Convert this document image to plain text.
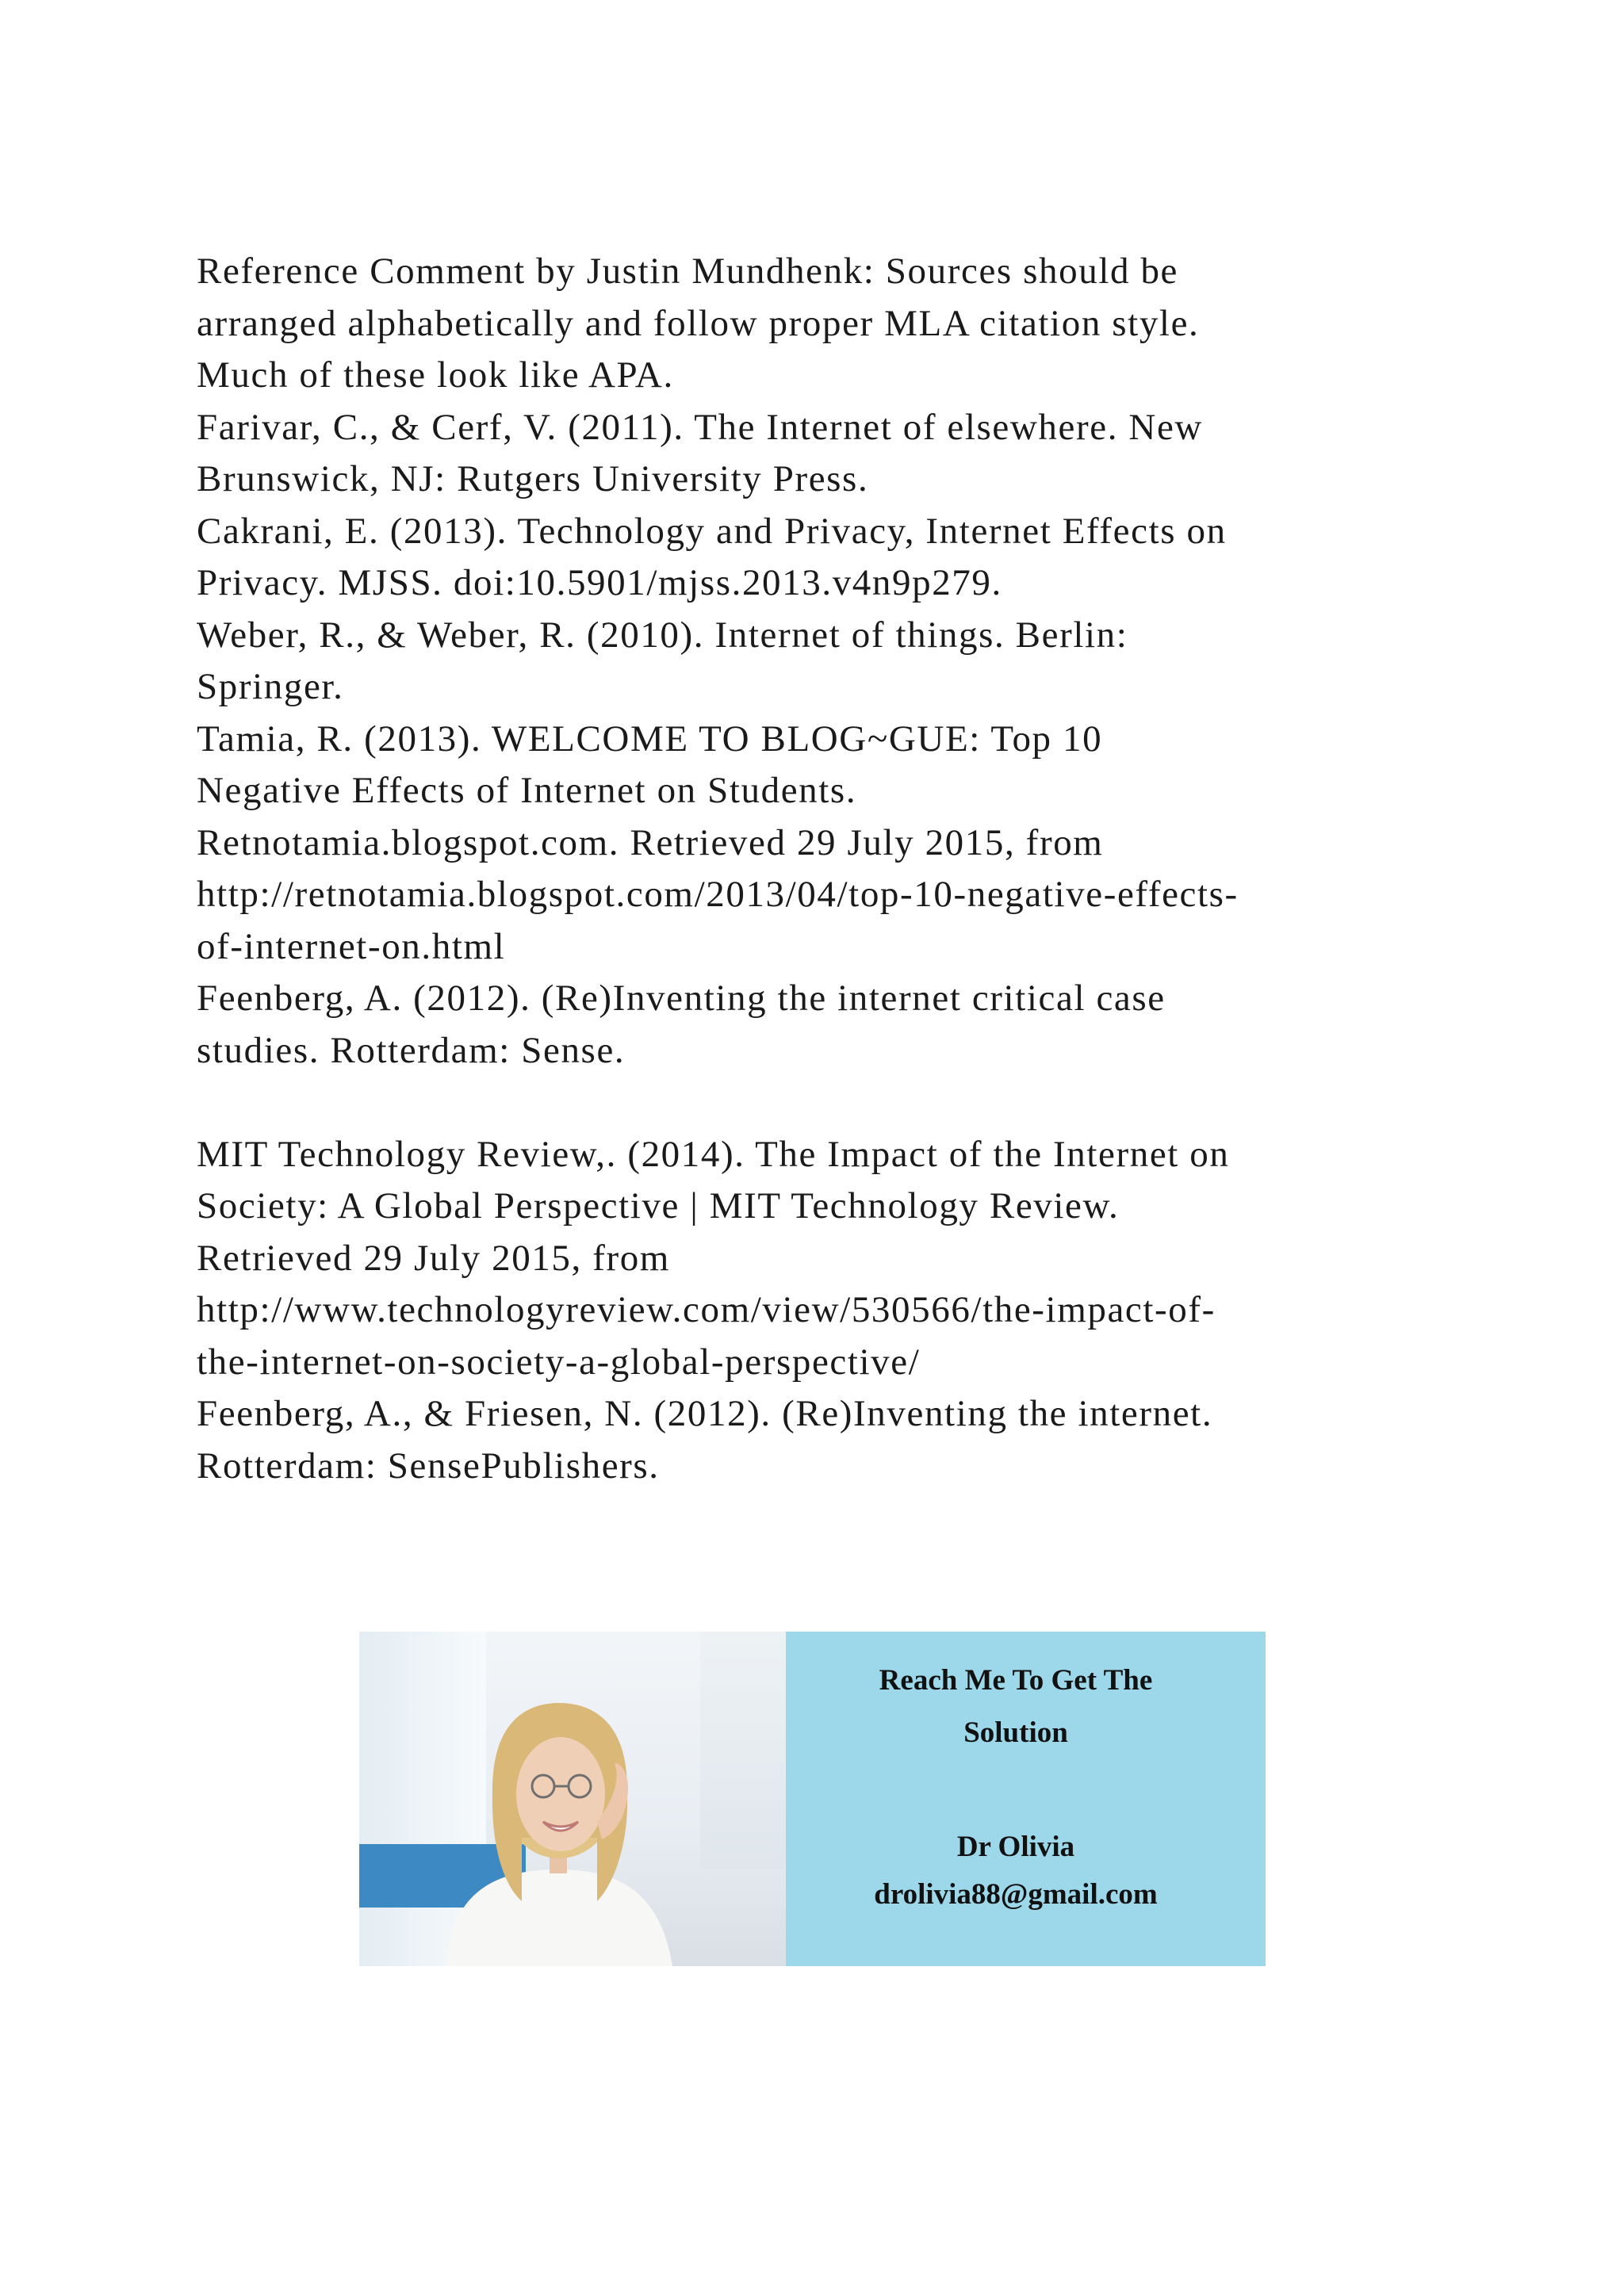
Reference Comment by Justin Mundhenk: Sources should be
arranged alphabetically and follow proper MLA citation style.
Much of these look like APA.
Farivar, C., & Cerf, V. (2011). The Internet of elsewhere. New
Brunswick, NJ: Rutgers University Press.
Cakrani, E. (2013). Technology and Privacy, Internet Effects on
Privacy. MJSS. doi:10.5901/mjss.2013.v4n9p279.
Weber, R., & Weber, R. (2010). Internet of things. Berlin:
Springer.
Tamia, R. (2013). WELCOME TO BLOG~GUE: Top 10
Negative Effects of Internet on Students.
Retnotamia.blogspot.com. Retrieved 29 July 2015, from
http://retnotamia.blogspot.com/2013/04/top-10-negative-effects-
of-internet-on.html
Feenberg, A. (2012). (Re)Inventing the internet critical case
studies. Rotterdam: Sense.
MIT Technology Review,. (2014). The Impact of the Internet on
Society: A Global Perspective | MIT Technology Review.
Retrieved 29 July 2015, from
http://www.technologyreview.com/view/530566/the-impact-of-
the-internet-on-society-a-global-perspective/
Feenberg, A., & Friesen, N. (2012). (Re)Inventing the internet.
Rotterdam: SensePublishers.
Reach Me To Get The
Solution
Dr Olivia
drolivia88@gmail.com
